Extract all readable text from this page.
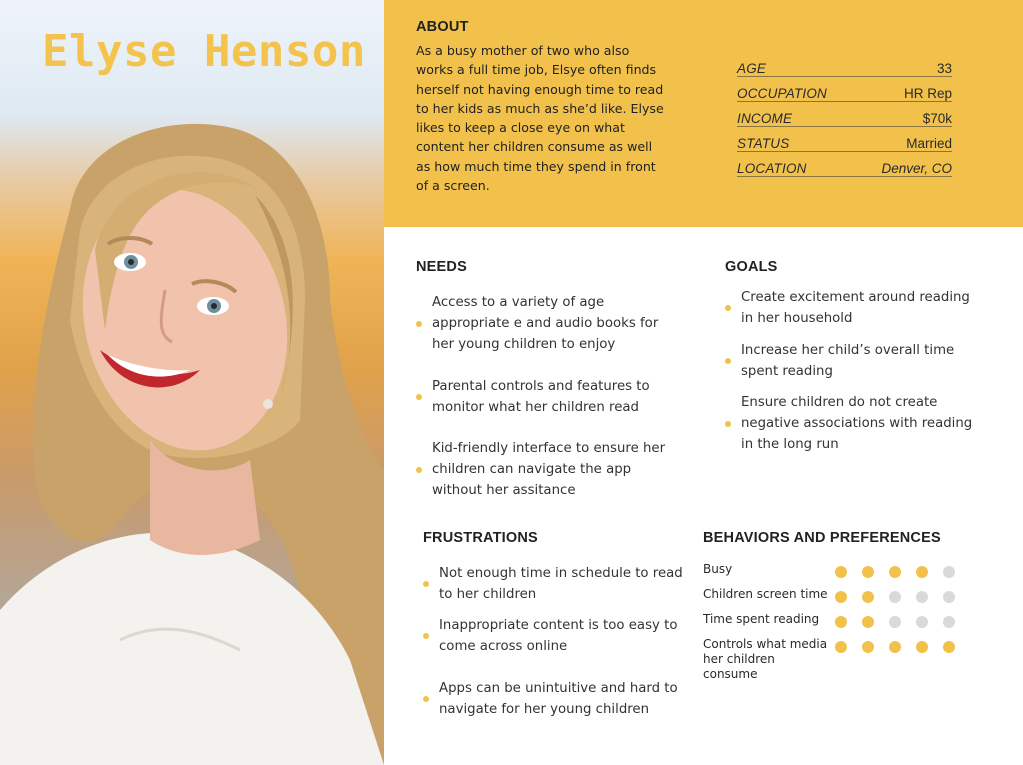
Elyse Henson	ABOUT

As a busy mother of two who also works a full time job, Elsye often finds herself not having enough time to read to her kids as much as she’d like. Elyse likes to keep a close eye on what content her children consume as well as how much time they spend in front of a screen.

AGE	33
OCCUPATION	HR Rep
INCOME	$70k
STATUS	Married
LOCATION	Denver, CO
NEEDS
Access to a variety of age appropriate e and audio books for her young children to enjoy
Parental controls and features to monitor what her children read
Kid-friendly interface to ensure her children can navigate the app without her assitance
GOALS
Create excitement around reading in her household
Increase her child’s overall time spent reading
Ensure children do not create negative associations with reading in the long run
FRUSTRATIONS
Not enough time in schedule to read to her children
Inappropriate content is too easy to come across online
Apps can be unintuitive and hard to navigate for her young children
BEHAVIORS AND PREFERENCES
Busy
Children screen time
Time spent reading
Controls what media her children consume
